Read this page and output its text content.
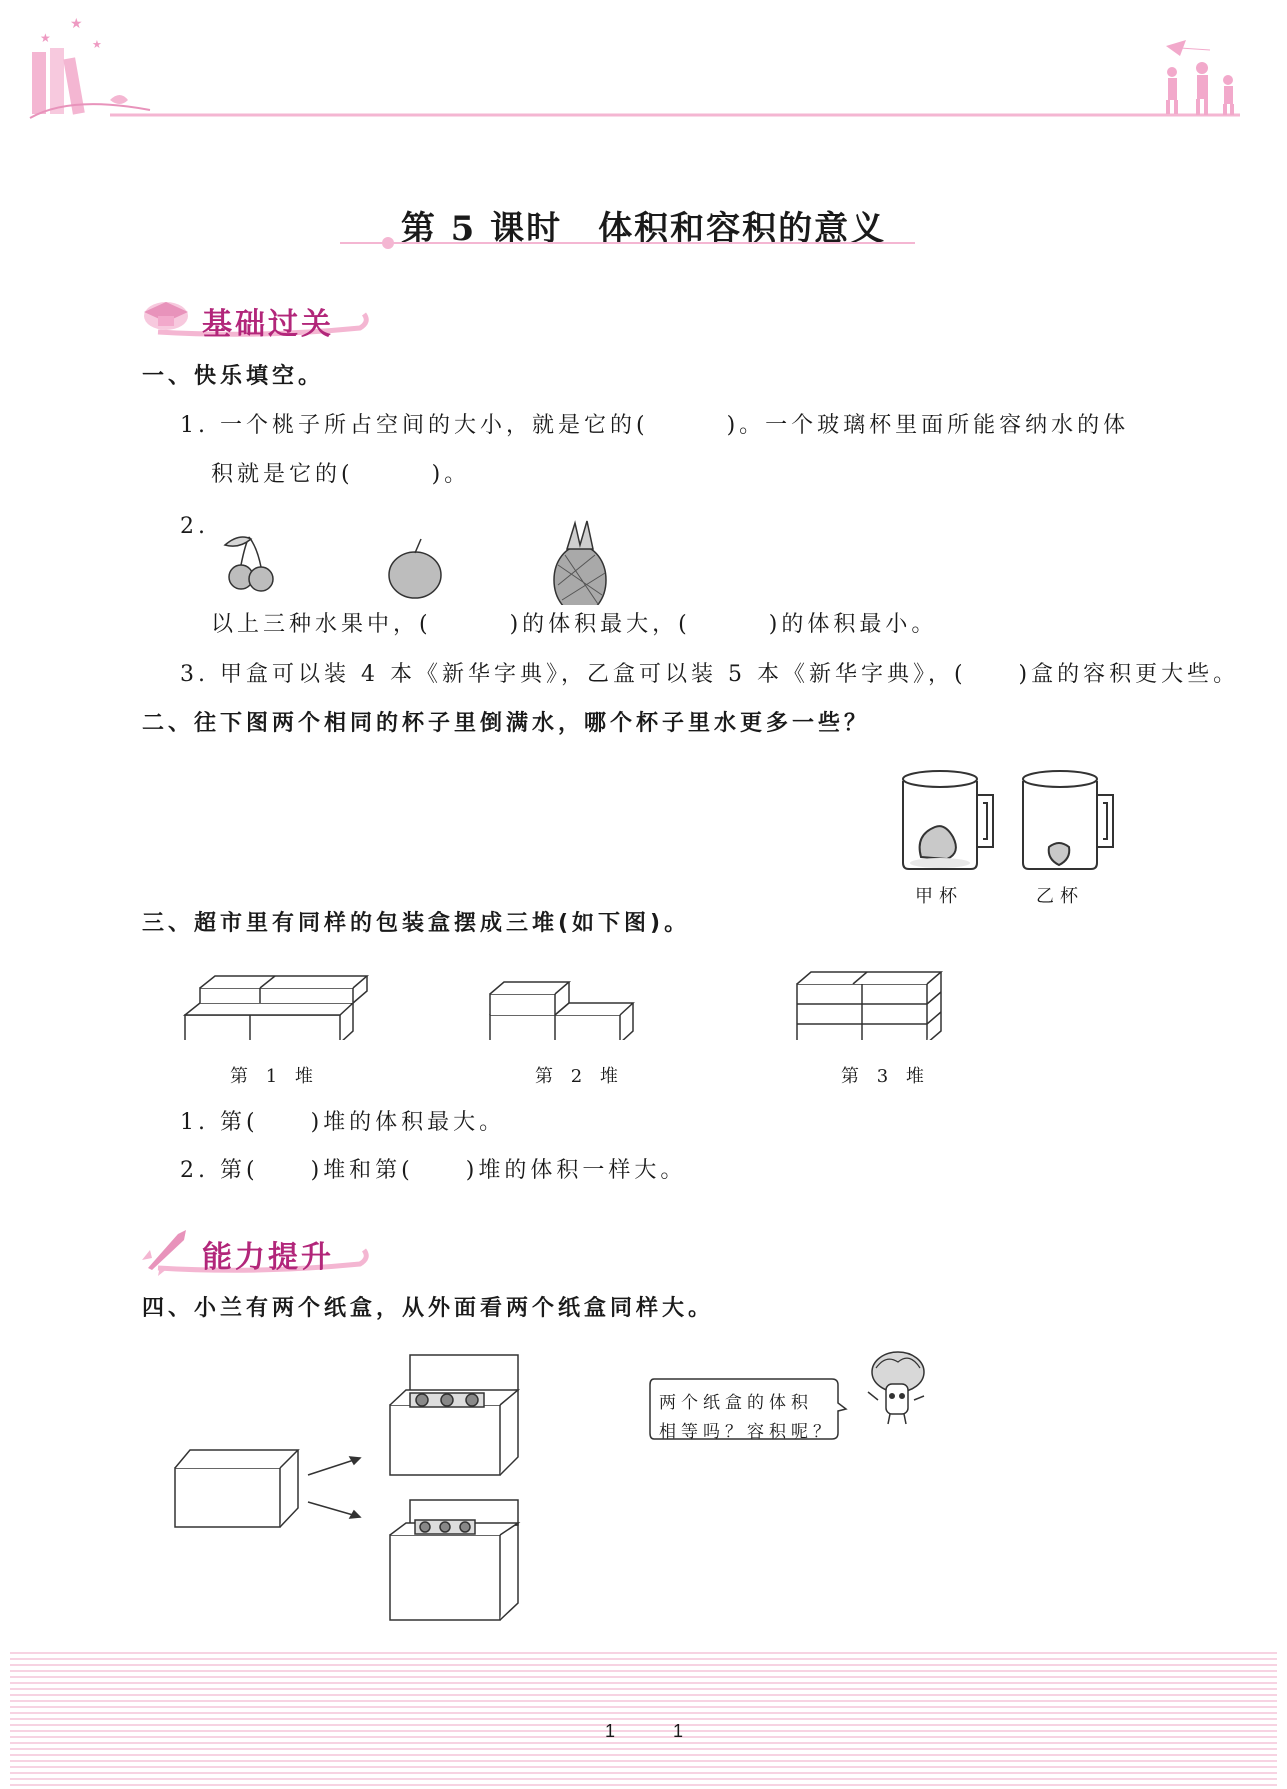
★
★	★
第 5 课时　体积和容积的意义
基础过关
一、快乐填空。
1. 一个桃子所占空间的大小，就是它的(　　　)。一个玻璃杯里面所能容纳水的体
积就是它的(　　　)。
2.
以上三种水果中，(　　　)的体积最大，(　　　)的体积最小。
3. 甲盒可以装 4 本《新华字典》，乙盒可以装 5 本《新华字典》，(　　)盒的容积更大些。
二、往下图两个相同的杯子里倒满水，哪个杯子里水更多一些？
甲杯	乙杯
三、超市里有同样的包装盒摆成三堆(如下图)。
第 1 堆	第 2 堆	第 3 堆
1. 第(　　)堆的体积最大。
2. 第(　　)堆和第(　　)堆的体积一样大。
能力提升
四、小兰有两个纸盒，从外面看两个纸盒同样大。
两个纸盒的体积
相等吗？容积呢？
1	1
